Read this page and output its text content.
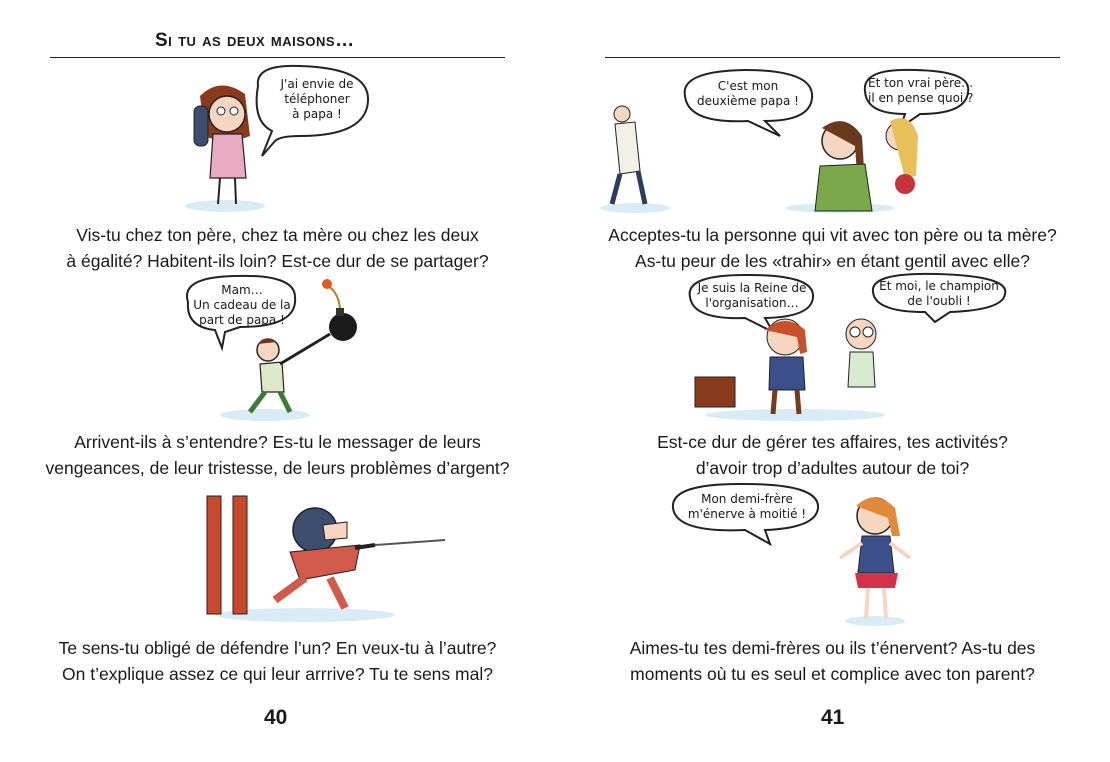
Si tu as deux maisons…
J'ai envie de
téléphoner
à papa !
Vis-tu chez ton père, chez ta mère ou chez les deux
à égalité? Habitent-ils loin? Est-ce dur de se partager?
Mam…
Un cadeau de la
part de papa !
Arrivent-ils à s’entendre? Es-tu le messager de leurs
vengeances, de leur tristesse, de leurs problèmes d’argent?
Te sens-tu obligé de défendre l’un? En veux-tu à l’autre?
On t’explique assez ce qui leur arrrive? Tu te sens mal?
40
C'est mon
deuxième papa !
Et ton vrai père…
il en pense quoi ?
Acceptes-tu la personne qui vit avec ton père ou ta mère?
As-tu peur de les «trahir» en étant gentil avec elle?
Je suis la Reine de
l'organisation…
Et moi, le champion
de l'oubli !
Est-ce dur de gérer tes affaires, tes activités?
d’avoir trop d’adultes autour de toi?
Mon demi-frère
m'énerve à moitié !
Aimes-tu tes demi-frères ou ils t’énervent? As-tu des
moments où tu es seul et complice avec ton parent?
41
